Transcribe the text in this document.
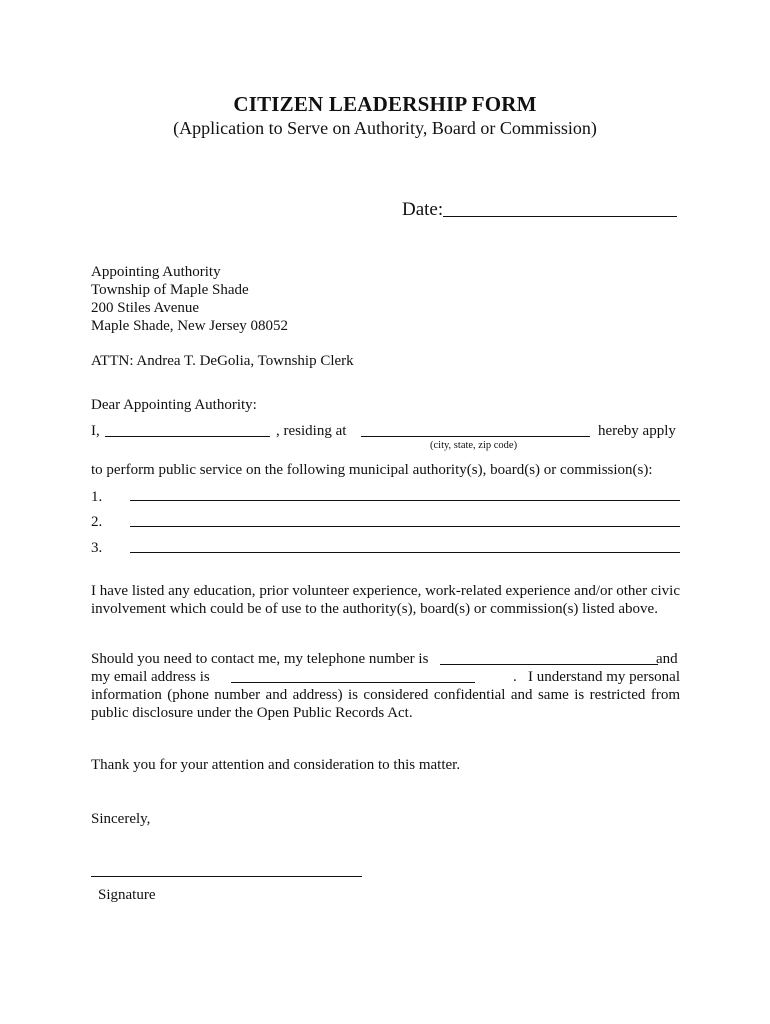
CITIZEN LEADERSHIP FORM
(Application to Serve on Authority, Board or Commission)
Date:
Appointing Authority
Township of Maple Shade
200 Stiles Avenue
Maple Shade, New Jersey 08052
ATTN: Andrea T. DeGolia, Township Clerk
Dear Appointing Authority:
I,	, residing at	hereby apply
(city, state, zip code)
to perform public service on the following municipal authority(s), board(s) or commission(s):
1.
2.
3.
I have listed any education, prior volunteer experience, work-related experience and/or other civic involvement which could be of use to the authority(s), board(s) or commission(s) listed above.
Should you need to contact me, my telephone number is	and
my email address is	.   I understand my personal
information (phone number and address) is considered confidential and same is restricted from public disclosure under the Open Public Records Act.
Thank you for your attention and consideration to this matter.
Sincerely,
Signature
